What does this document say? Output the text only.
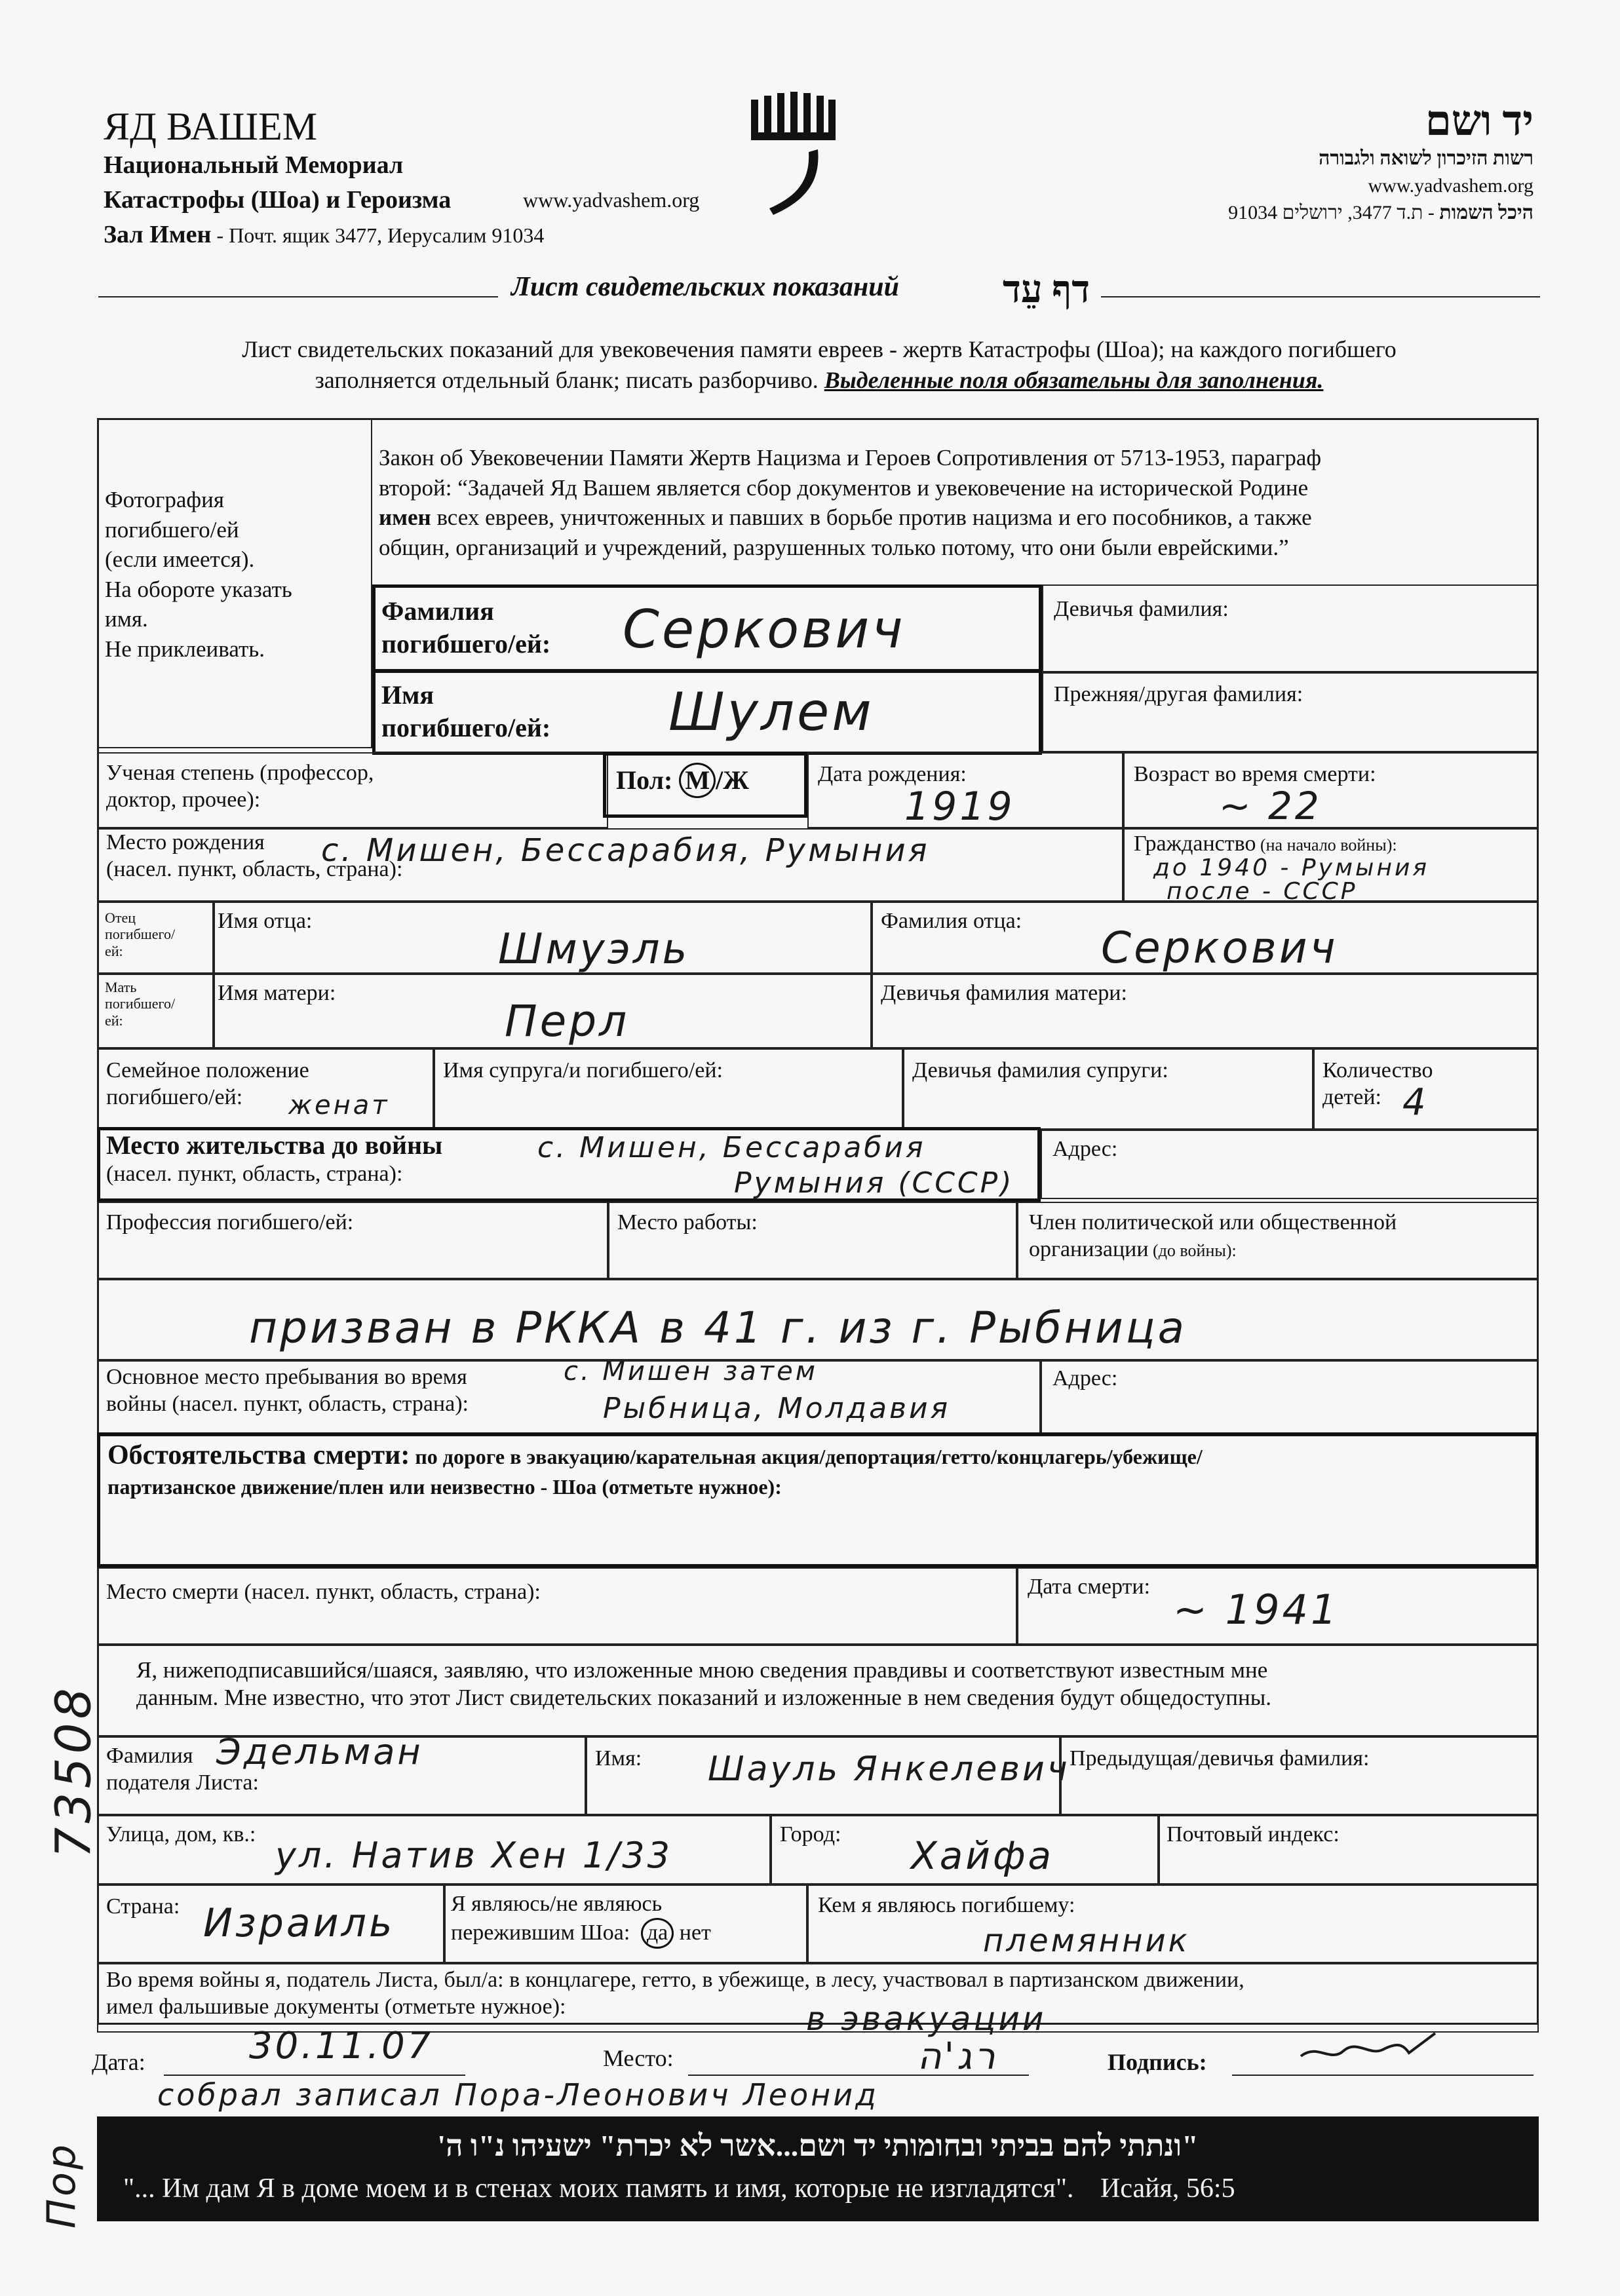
ЯД ВАШЕМ
Национальный Мемориал
Катастрофы (Шоа) и Героизма	www.yadvashem.org
Зал Имен - Почт. ящик 3477, Иерусалим 91034
יד ושם
רשות הזיכרון לשואה ולגבורה
www.yadvashem.org
היכל השמות - ת.ד 3477, ירושלים 91034
Лист свидетельских показаний	דף עֵד
Лист свидетельских показаний для увековечения памяти евреев - жертв Катастрофы (Шоа); на каждого погибшего
заполняется отдельный бланк; писать разборчиво. Выделенные поля обязательны для заполнения.
Фотография
погибшего/ей
(если имеется).
На обороте указать
имя.
Не приклеивать.
Закон об Увековечении Памяти Жертв Нацизма и Героев Сопротивления от 5713-1953, параграф
второй: “Задачей Яд Вашем является сбор документов и увековечение на исторической Родине
имен всех евреев, уничтоженных и павших в борьбе против нацизма и его пособников, а также
общин, организаций и учреждений, разрушенных только потому, что они были еврейскими.”
Фамилия
погибшего/ей: Серкович	Девичья фамилия:
Имя
погибшего/ей: Шулем	Прежняя/другая фамилия:
Ученая степень (профессор,
доктор, прочее):
Пол: М /Ж	Дата рождения:
1919
Возраст во время смерти:
~ 22
Место рождения
(насел. пункт, область, страна):
с. Мишен, Бессарабия, Румыния	Гражданство (на начало войны):
до 1940 - Румыния
после - СССР
Отец
погибшего/
ей:
Имя отца:
Шмуэль
Фамилия отца:
Серкович
Мать
погибшего/
ей:
Имя матери:
Перл
Девичья фамилия матери:
Семейное положение
погибшего/ей:	женат
Имя супруга/и погибшего/ей:	Девичья фамилия супруги:	Количество
детей: 4
Место жительства до войны
(насел. пункт, область, страна):
с. Мишен, Бессарабия
Румыния (СССР)
Адрес:
Профессия погибшего/ей:	Место работы:	Член политической или общественной
организации (до войны):
призван в РККА в 41 г. из г. Рыбница
Основное место пребывания во время
войны (насел. пункт, область, страна):
с. Мишен затем
Рыбница, Молдавия
Адрес:
Обстоятельства смерти: по дороге в эвакуацию/карательная акция/депортация/гетто/концлагерь/убежище/
партизанское движение/плен или неизвестно - Шоа (отметьте нужное):
Место смерти (насел. пункт, область, страна):	Дата смерти: ~ 1941
Я, нижеподписавшийся/шаяся, заявляю, что изложенные мною сведения правдивы и соответствуют известным мне
данным. Мне известно, что этот Лист свидетельских показаний и изложенные в нем сведения будут общедоступны.
Фамилия
подателя Листа:
Эдельман	Имя: Шауль Янкелевич Предыдущая/девичья фамилия:
Улица, дом, кв.:
ул. Натив Хен 1/33
Город: Хайфа	Почтовый индекс:
Страна: Израиль	Я являюсь/не являюсь
пережившим Шоа: да нет
Кем я являюсь погибшему:
племянник
Во время войны я, податель Листа, был/а: в концлагере, гетто, в убежище, в лесу, участвовал в партизанском движении,
имел фальшивые документы (отметьте нужное):	в эвакуации
Дата:	30.11.07	Место:	רג'ה	Подпись:
собрал записал Пора-Леонович Леонид
73508
Пор	"ונתתי להם בביתי ובחומותי יד ושם...אשר לא יכרת" ישעיהו נ"ו ה'
"... Им дам Я в доме моем и в стенах моих память и имя, которые не изгладятся". Исайя, 56:5
